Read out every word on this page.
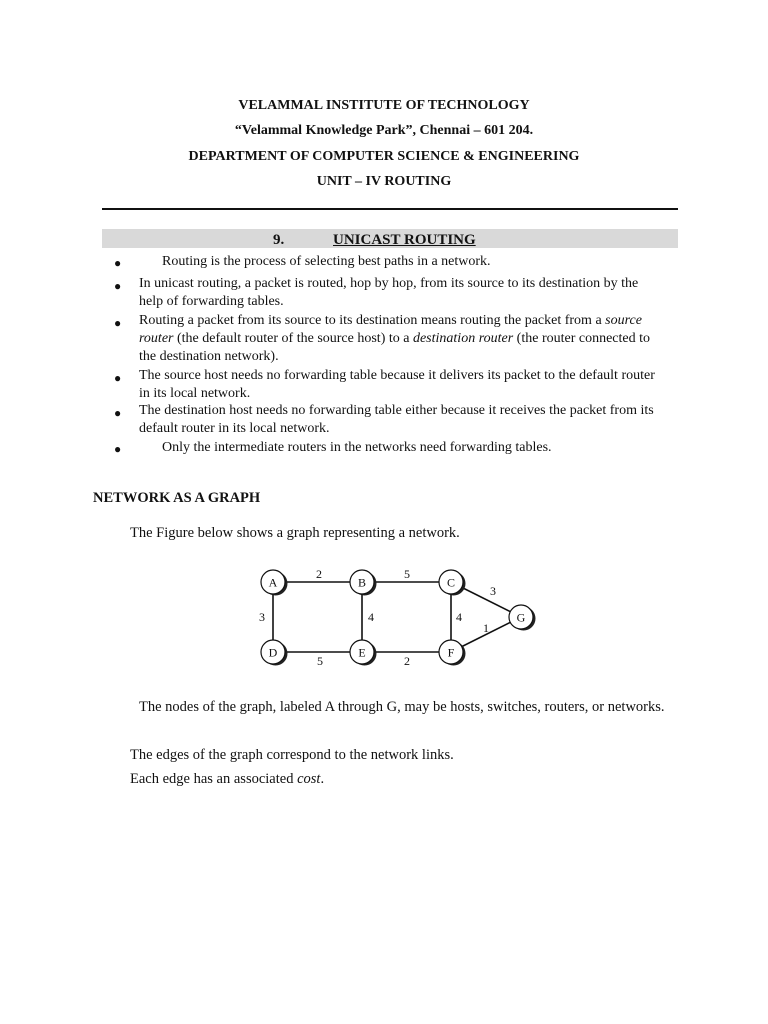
VELAMMAL INSTITUTE OF TECHNOLOGY
“Velammal Knowledge Park”, Chennai – 601 204.
DEPARTMENT OF COMPUTER SCIENCE & ENGINEERING
UNIT – IV ROUTING
9.	UNICAST ROUTING
●	Routing is the process of selecting best paths in a network.
● In unicast routing, a packet is routed, hop by hop, from its source to its destination by the help of forwarding tables.
● Routing a packet from its source to its destination means routing the packet from a source router (the default router of the source host) to a destination router (the router connected to the destination network).
● The source host needs no forwarding table because it delivers its packet to the default router in its local network.
● The destination host needs no forwarding table either because it receives the packet from its default router in its local network.
●	Only the intermediate routers in the networks need forwarding tables.
NETWORK AS A GRAPH
The Figure below shows a graph representing a network.
2	5
3
3	4	4
1
5	2
A	B	C
D	E	F
G
The nodes of the graph, labeled A through G, may be hosts, switches, routers, or networks.
The edges of the graph correspond to the network links.
Each edge has an associated cost.
